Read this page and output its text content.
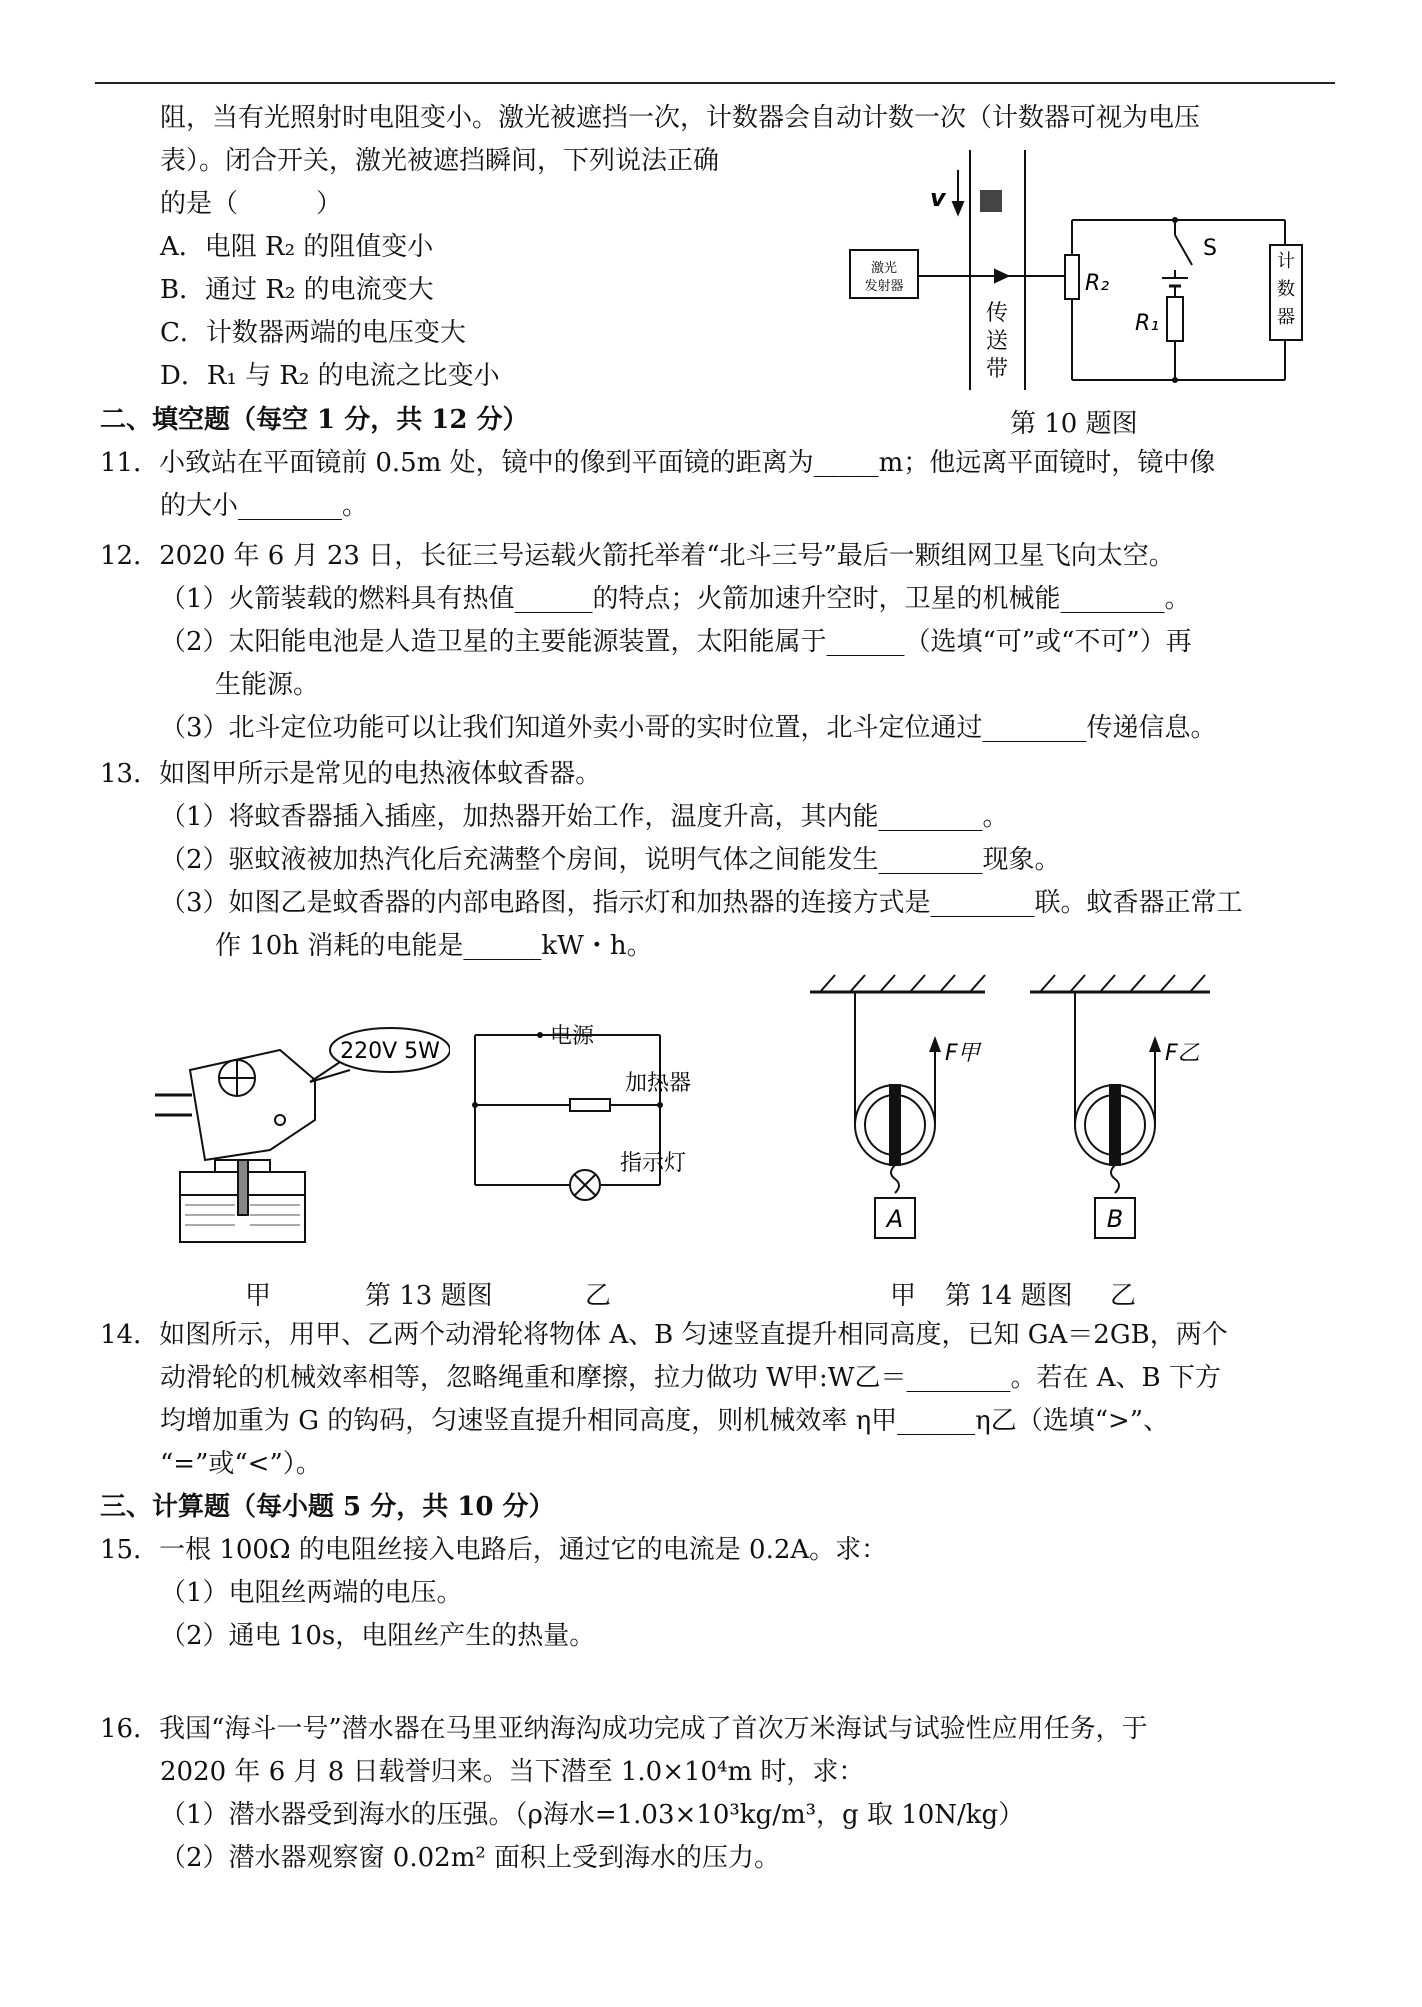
阻，当有光照射时电阻变小。激光被遮挡一次，计数器会自动计数一次（计数器可视为电压
表）。闭合开关，激光被遮挡瞬间，下列说法正确
的是（　　　）
A．电阻 R₂ 的阻值变小
B．通过 R₂ 的电流变大
C．计数器两端的电压变大
D．R₁ 与 R₂ 的电流之比变小
v
激光
发射器
传
送
带
R₂
R₁
S
计
数
器
第 10 题图
二、填空题（每空 1 分，共 12 分）
11．小致站在平面镜前 0.5m 处，镜中的像到平面镜的距离为_____m；他远离平面镜时，镜中像
的大小________。
12．2020 年 6 月 23 日，长征三号运载火箭托举着“北斗三号”最后一颗组网卫星飞向太空。
（1）火箭装载的燃料具有热值______的特点；火箭加速升空时，卫星的机械能________。
（2）太阳能电池是人造卫星的主要能源装置，太阳能属于______（选填“可”或“不可”）再
生能源。
（3）北斗定位功能可以让我们知道外卖小哥的实时位置，北斗定位通过________传递信息。
13．如图甲所示是常见的电热液体蚊香器。
（1）将蚊香器插入插座，加热器开始工作，温度升高，其内能________。
（2）驱蚊液被加热汽化后充满整个房间，说明气体之间能发生________现象。
（3）如图乙是蚊香器的内部电路图，指示灯和加热器的连接方式是________联。蚊香器正常工
作 10h 消耗的电能是______kW・h。
220V 5W
电源
加热器
指示灯
F甲	F乙
A	B
甲	第 13 题图	乙	甲 第 14 题图 乙
14．如图所示，用甲、乙两个动滑轮将物体 A、B 匀速竖直提升相同高度，已知 GA＝2GB，两个
动滑轮的机械效率相等，忽略绳重和摩擦，拉力做功 W甲:W乙＝________。若在 A、B 下方
均增加重为 G 的钩码，匀速竖直提升相同高度，则机械效率 η甲______η乙（选填“>”、
“=”或“<”）。
三、计算题（每小题 5 分，共 10 分）
15．一根 100Ω 的电阻丝接入电路后，通过它的电流是 0.2A。求：
（1）电阻丝两端的电压。
（2）通电 10s，电阻丝产生的热量。
16．我国“海斗一号”潜水器在马里亚纳海沟成功完成了首次万米海试与试验性应用任务，于
2020 年 6 月 8 日载誉归来。当下潜至 1.0×10⁴m 时，求：
（1）潜水器受到海水的压强。（ρ海水=1.03×10³kg/m³，g 取 10N/kg）
（2）潜水器观察窗 0.02m² 面积上受到海水的压力。
